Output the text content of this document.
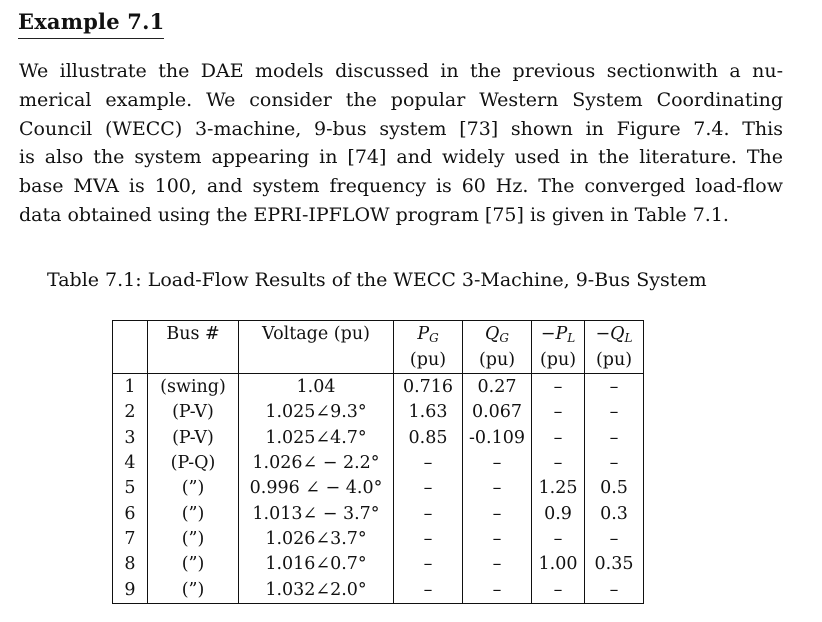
Example 7.1
We illustrate the DAE models discussed in the previous sectionwith a nu-
merical example. We consider the popular Western System Coordinating
Council (WECC) 3-machine, 9-bus system [73] shown in Figure 7.4. This
is also the system appearing in [74] and widely used in the literature. The
base MVA is 100, and system frequency is 60 Hz. The converged load-flow
data obtained using the EPRI-IPFLOW program [75] is given in Table 7.1.
Table 7.1: Load-Flow Results of the WECC 3-Machine, 9-Bus System
	Bus #	Voltage (pu)	$P_G$	$Q_G$	$-P_L$	$-Q_L$
			(pu)	(pu)	(pu)	(pu)
1	(swing)	1.04	0.716	0.27	–	–
2	(P-V)	1.025∠9.3°	1.63	0.067	–	–
3	(P-V)	1.025∠4.7°	0.85	-0.109	–	–
4	(P-Q)	1.026∠ − 2.2°	–	–	–	–
5	(”)	0.996 ∠ − 4.0°	–	–	1.25	0.5
6	(”)	1.013∠ − 3.7°	–	–	0.9	0.3
7	(”)	1.026∠3.7°	–	–	–	–
8	(”)	1.016∠0.7°	–	–	1.00	0.35
9	(”)	1.032∠2.0°	–	–	–	–
